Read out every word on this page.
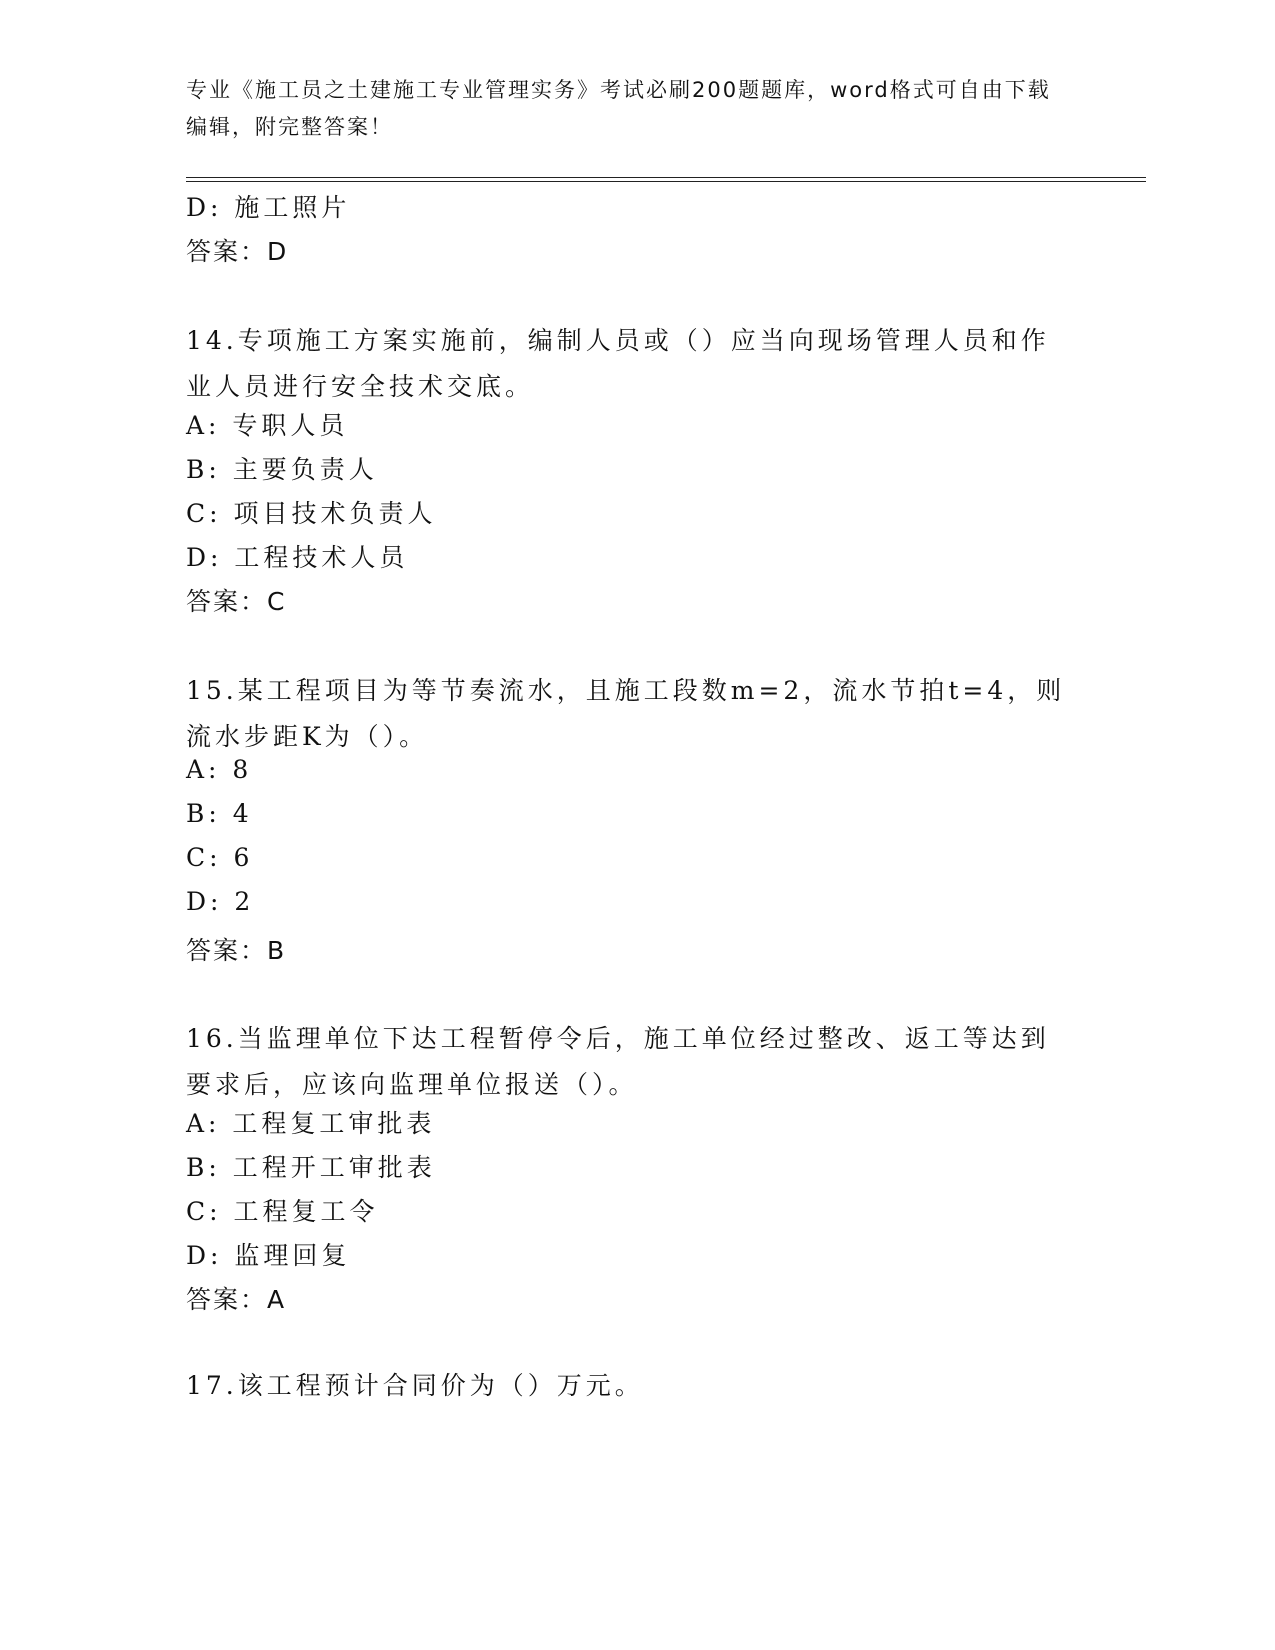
专业《施工员之土建施工专业管理实务》考试必刷200题题库，word格式可自由下载编辑，附完整答案！
D: 施工照片
答案：D
14.专项施工方案实施前，编制人员或（）应当向现场管理人员和作业人员进行安全技术交底。
A: 专职人员
B: 主要负责人
C: 项目技术负责人
D: 工程技术人员
答案：C
15.某工程项目为等节奏流水，且施工段数m=2，流水节拍t=4，则流水步距K为（）。
A: 8
B: 4
C: 6
D: 2
答案：B
16.当监理单位下达工程暂停令后，施工单位经过整改、返工等达到要求后，应该向监理单位报送（）。
A: 工程复工审批表
B: 工程开工审批表
C: 工程复工令
D: 监理回复
答案：A
17.该工程预计合同价为（）万元。
